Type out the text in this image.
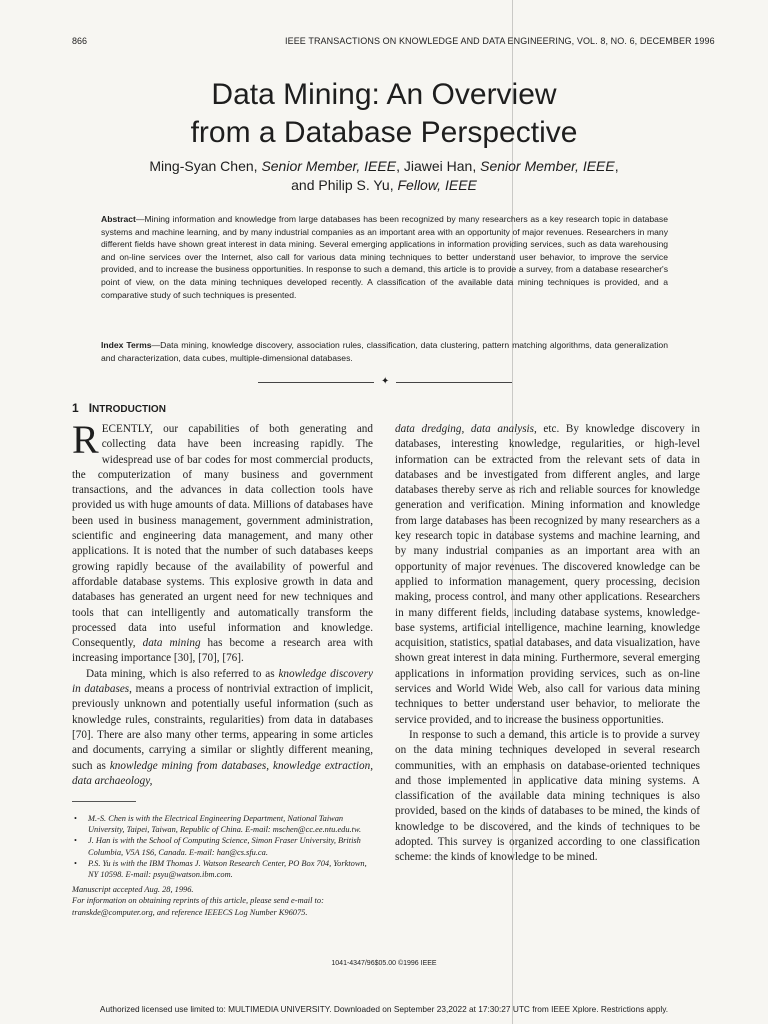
866	IEEE TRANSACTIONS ON KNOWLEDGE AND DATA ENGINEERING, VOL. 8, NO. 6, DECEMBER 1996
Data Mining: An Overview
from a Database Perspective
Ming-Syan Chen, Senior Member, IEEE, Jiawei Han, Senior Member, IEEE,
and Philip S. Yu, Fellow, IEEE
Abstract—Mining information and knowledge from large databases has been recognized by many researchers as a key research topic in database systems and machine learning, and by many industrial companies as an important area with an opportunity of major revenues. Researchers in many different fields have shown great interest in data mining. Several emerging applications in information providing services, such as data warehousing and on-line services over the Internet, also call for various data mining techniques to better understand user behavior, to improve the service provided, and to increase the business opportunities. In response to such a demand, this article is to provide a survey, from a database researcher's point of view, on the data mining techniques developed recently. A classification of the available data mining techniques is provided, and a comparative study of such techniques is presented.
Index Terms—Data mining, knowledge discovery, association rules, classification, data clustering, pattern matching algorithms, data generalization and characterization, data cubes, multiple-dimensional databases.
✦
1 INTRODUCTION

RECENTLY, our capabilities of both generating and collecting data have been increasing rapidly. The widespread use of bar codes for most commercial products, the computerization of many business and government transactions, and the advances in data collection tools have provided us with huge amounts of data. Millions of databases have been used in business management, government administration, scientific and engineering data management, and many other applications. It is noted that the number of such databases keeps growing rapidly because of the availability of powerful and affordable database systems. This explosive growth in data and databases has generated an urgent need for new techniques and tools that can intelligently and automatically transform the processed data into useful information and knowledge. Consequently, data mining has become a research area with increasing importance [30], [70], [76].

Data mining, which is also referred to as knowledge discovery in databases, means a process of nontrivial extraction of implicit, previously unknown and potentially useful information (such as knowledge rules, constraints, regularities) from data in databases [70]. There are also many other terms, appearing in some articles and documents, carrying a similar or slightly different meaning, such as knowledge mining from databases, knowledge extraction, data archaeology,

data dredging, data analysis, etc. By knowledge discovery in databases, interesting knowledge, regularities, or high-level information can be extracted from the relevant sets of data in databases and be investigated from different angles, and large databases thereby serve as rich and reliable sources for knowledge generation and verification. Mining information and knowledge from large databases has been recognized by many researchers as a key research topic in database systems and machine learning, and by many industrial companies as an important area with an opportunity of major revenues. The discovered knowledge can be applied to information management, query processing, decision making, process control, and many other applications. Researchers in many different fields, including database systems, knowledge-base systems, artificial intelligence, machine learning, knowledge acquisition, statistics, spatial databases, and data visualization, have shown great interest in data mining. Furthermore, several emerging applications in information providing services, such as on-line services and World Wide Web, also call for various data mining techniques to better understand user behavior, to meliorate the service provided, and to increase the business opportunities.

In response to such a demand, this article is to provide a survey on the data mining techniques developed in several research communities, with an emphasis on database-oriented techniques and those implemented in applicative data mining systems. A classification of the available data mining techniques is also provided, based on the kinds of databases to be mined, the kinds of knowledge to be discovered, and the kinds of techniques to be adopted. This survey is organized according to one classification scheme: the kinds of knowledge to be mined.

• M.-S. Chen is with the Electrical Engineering Department, National Taiwan University, Taipei, Taiwan, Republic of China. E-mail: mschen@cc.ee.ntu.edu.tw.

• J. Han is with the School of Computing Science, Simon Fraser University, British Columbia, V5A 1S6, Canada. E-mail: han@cs.sfu.ca.

• P.S. Yu is with the IBM Thomas J. Watson Research Center, PO Box 704, Yorktown, NY 10598. E-mail: psyu@watson.ibm.com.

Manuscript accepted Aug. 28, 1996.

For information on obtaining reprints of this article, please send e-mail to: transkde@computer.org, and reference IEEECS Log Number K96075.

1041-4347/96$05.00 ©1996 IEEE
Authorized licensed use limited to: MULTIMEDIA UNIVERSITY. Downloaded on September 23,2022 at 17:30:27 UTC from IEEE Xplore. Restrictions apply.
